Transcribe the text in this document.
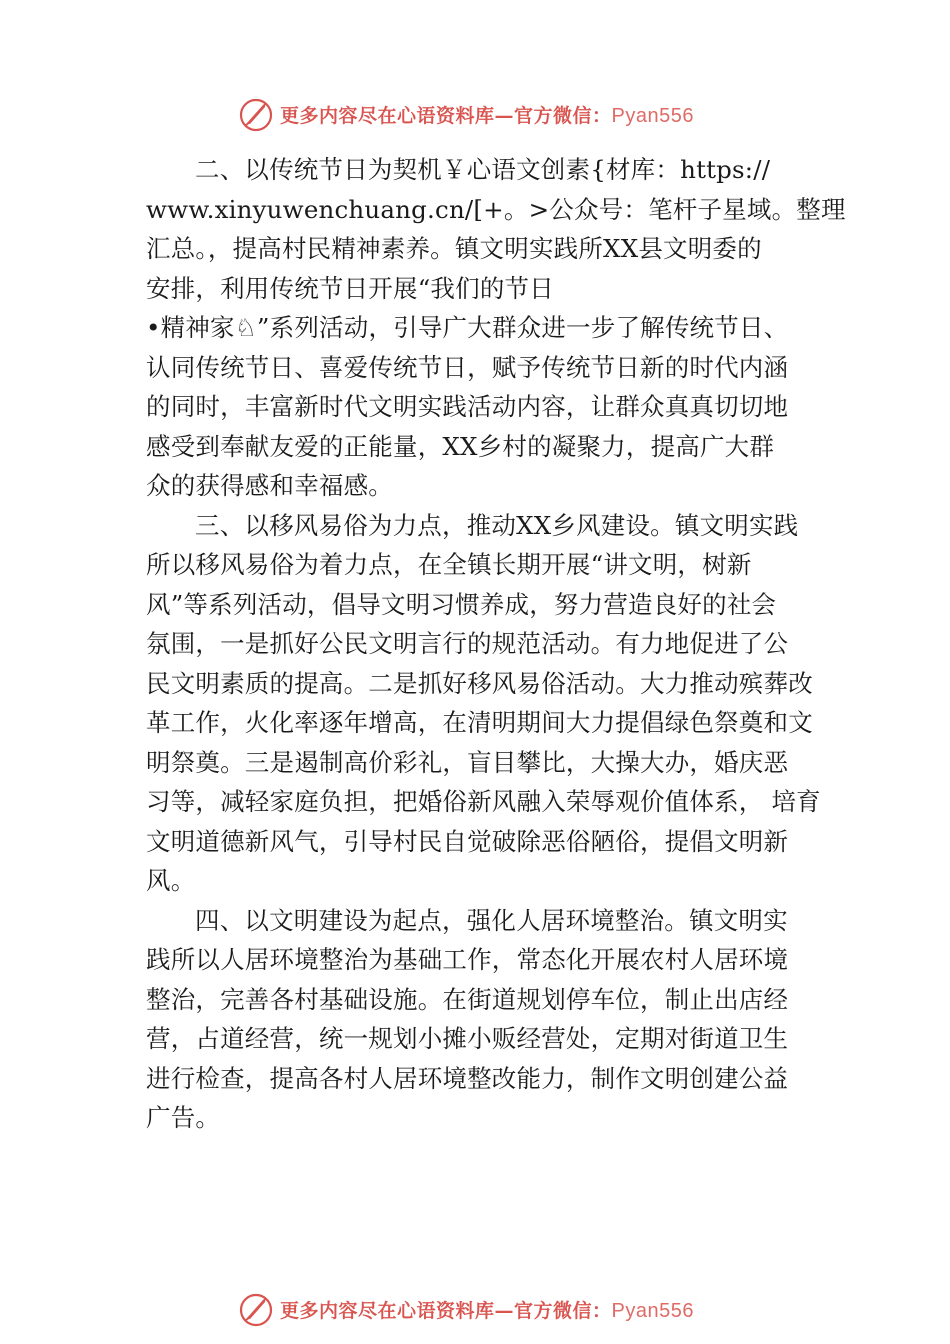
更多内容尽在心语资料库—官方微信：Pyan556
二、以传统节日为契机￥心语文创素{材库：https://
www.xinyuwenchuang.cn/[+。>公众号：笔杆子星域。整理
汇总。，提高村民精神素养。镇文明实践所XX县文明委的
安排，利用传统节日开展“我们的节日
•精神家♘”系列活动，引导广大群众进一步了解传统节日、
认同传统节日、喜爱传统节日，赋予传统节日新的时代内涵
的同时，丰富新时代文明实践活动内容，让群众真真切切地
感受到奉献友爱的正能量，XX乡村的凝聚力，提高广大群
众的获得感和幸福感。
三、以移风易俗为力点，推动XX乡风建设。镇文明实践
所以移风易俗为着力点，在全镇长期开展“讲文明，树新
风”等系列活动，倡导文明习惯养成，努力营造良好的社会
氛围，一是抓好公民文明言行的规范活动。有力地促进了公
民文明素质的提高。二是抓好移风易俗活动。大力推动殡葬改
革工作，火化率逐年增高，在清明期间大力提倡绿色祭奠和文
明祭奠。三是遏制高价彩礼，盲目攀比，大操大办，婚庆恶
习等，减轻家庭负担，把婚俗新风融入荣辱观价值体系， 培育
文明道德新风气，引导村民自觉破除恶俗陋俗，提倡文明新
风。
四、以文明建设为起点，强化人居环境整治。镇文明实
践所以人居环境整治为基础工作，常态化开展农村人居环境
整治，完善各村基础设施。在街道规划停车位，制止出店经
营，占道经营，统一规划小摊小贩经营处，定期对街道卫生
进行检查，提高各村人居环境整改能力，制作文明创建公益
广告。
更多内容尽在心语资料库—官方微信：Pyan556
